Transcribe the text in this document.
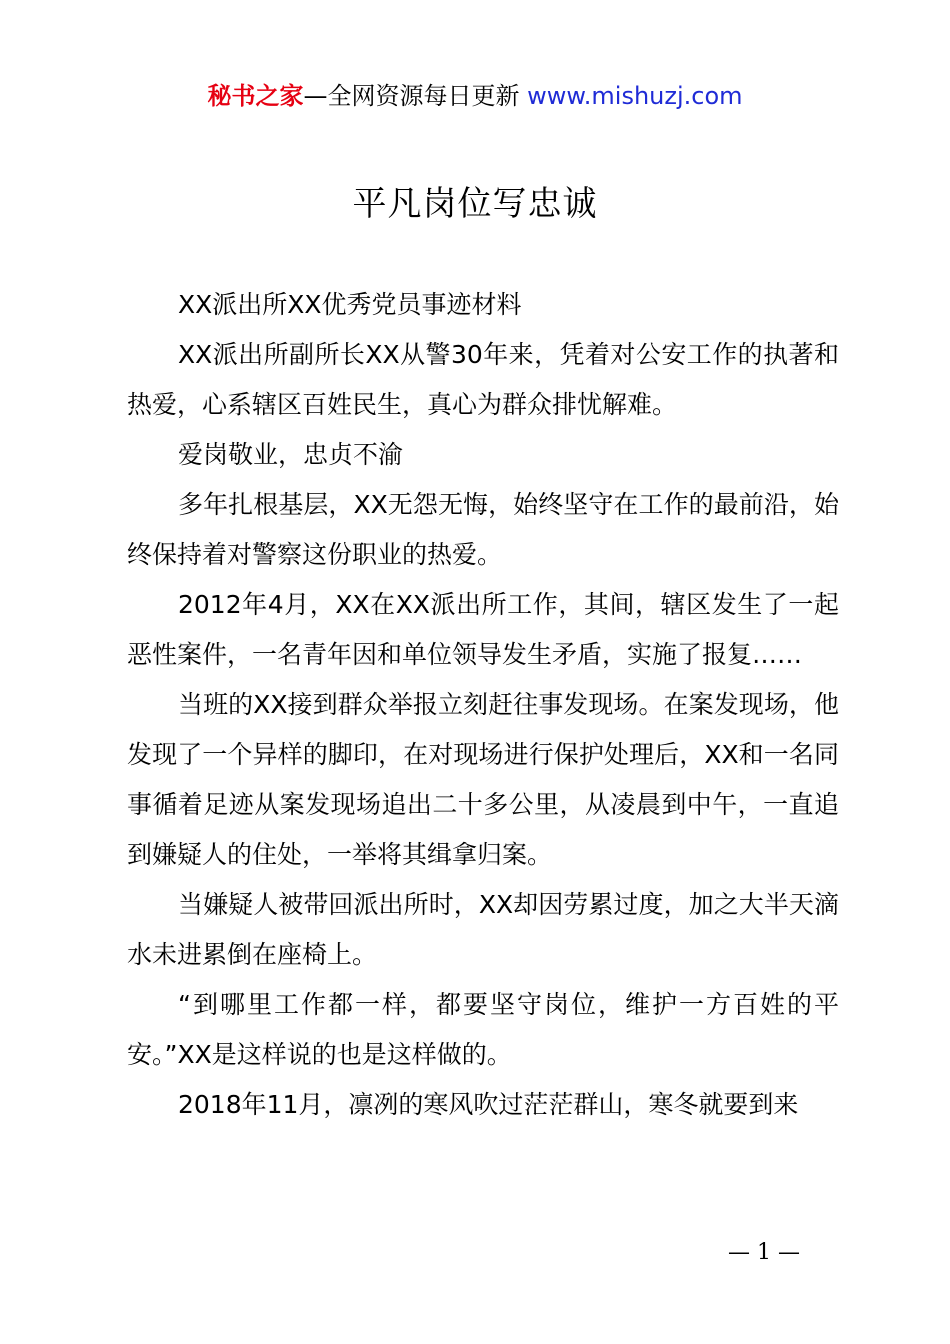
秘书之家—全网资源每日更新 www.mishuzj.com
平凡岗位写忠诚

XX派出所XX优秀党员事迹材料

XX派出所副所长XX从警30年来，凭着对公安工作的执著和热爱，心系辖区百姓民生，真心为群众排忧解难。

爱岗敬业，忠贞不渝

多年扎根基层，XX无怨无悔，始终坚守在工作的最前沿，始终保持着对警察这份职业的热爱。

2012年4月，XX在XX派出所工作，其间，辖区发生了一起恶性案件，一名青年因和单位领导发生矛盾，实施了报复……

当班的XX接到群众举报立刻赶往事发现场。在案发现场，他发现了一个异样的脚印，在对现场进行保护处理后，XX和一名同事循着足迹从案发现场追出二十多公里，从凌晨到中午，一直追到嫌疑人的住处，一举将其缉拿归案。

当嫌疑人被带回派出所时，XX却因劳累过度，加之大半天滴水未进累倒在座椅上。

“到哪里工作都一样，都要坚守岗位，维护一方百姓的平安。”XX是这样说的也是这样做的。

2018年11月，凛冽的寒风吹过茫茫群山，寒冬就要到来

— 1 —
